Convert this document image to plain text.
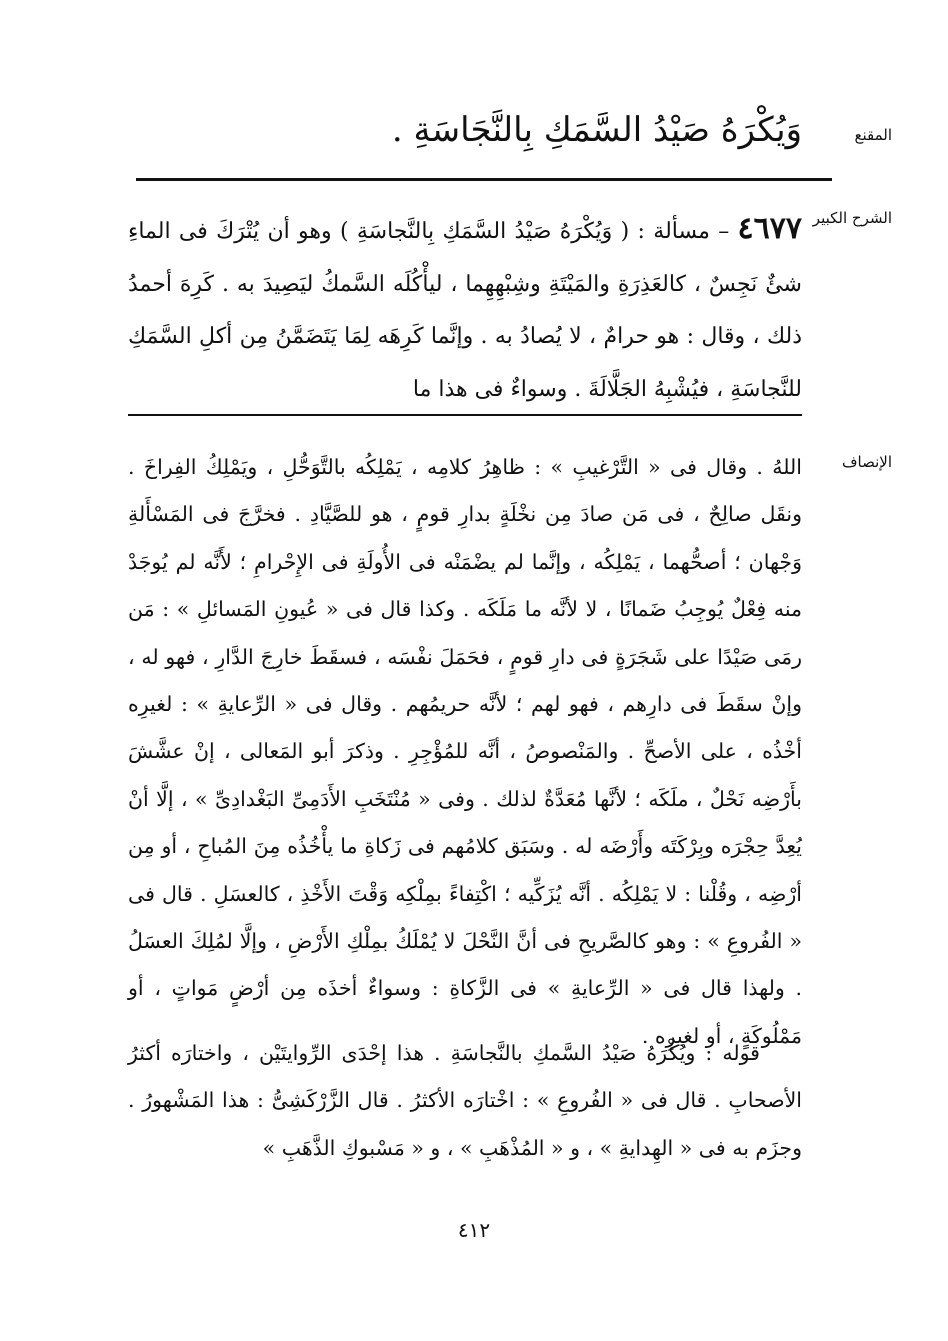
المقنع
وَيُكْرَهُ صَيْدُ السَّمَكِ بِالنَّجَاسَةِ .
الشرح الكبير
٤٦٧٧ – مسألة : ( وَيُكْرَهُ صَيْدُ السَّمَكِ بِالنَّجاسَةِ ) وهو أن يُتْرَكَ فى الماءِ شئٌ نَجِسٌ ، كالعَذِرَةِ والمَيْتَةِ وشِبْهِهِما ، ليأْكُلَه السَّمكُ ليَصِيدَ به . كَرِهَ أحمدُ ذلك ، وقال : هو حرامٌ ، لا يُصادُ به . وإنَّما كَرِهَه لِمَا يَتَضَمَّنُ مِن أكلِ السَّمَكِ للنَّجاسَةِ ، فيُشْبِهُ الجَلَّالَةَ . وسواءٌ فى هذا ما
الإنصاف
اللهُ . وقال فى « التَّرْغيبِ » : ظاهِرُ كلامِه ، يَمْلِكُه بالتَّوَحُّلِ ، ويَمْلِكُ الفِراخَ . ونقَل صالِحٌ ، فى مَن صادَ مِن نخْلَةٍ بدارِ قومٍ ، هو للصَّيَّادِ . فخرَّجَ فى المَسْأَلةِ وَجْهان ؛ أصحُّهما ، يَمْلِكُه ، وإنَّما لم يضْمَنْه فى الأُولَةِ فى الإِحْرامِ ؛ لأَنَّه لم يُوجَدْ منه فِعْلٌ يُوجِبُ ضَمانًا ، لا لأنَّه ما مَلَكَه . وكذا قال فى « عُيونِ المَسائلِ » : مَن رمَى صَيْدًا على شَجَرَةٍ فى دارِ قومٍ ، فحَمَلَ نفْسَه ، فسقَطَ خارِجَ الدَّارِ ، فهو له ، وإنْ سقَطَ فى دارِهم ، فهو لهم ؛ لأنَّه حريمُهم . وقال فى « الرِّعايةِ » : لغيرِه أخْذُه ، على الأصحِّ . والمَنْصوصُ ، أنَّه للمُؤْجِرِ . وذكرَ أبو المَعالى ، إنْ عشَّشَ بأَرْضِه نَحْلٌ ، ملَكَه ؛ لأنَّها مُعَدَّةٌ لذلك . وفى « مُنْتَخَبِ الأَدَمِىِّ البَغْدادِىِّ » ، إلَّا أنْ يُعِدَّ حِجْرَه وبِرْكَتَه وأَرْضَه له . وسَبَق كلامُهم فى زَكاةِ ما يأْخُذُه مِنَ المُباحِ ، أو مِن أرْضِه ، وقُلْنا : لا يَمْلِكُه . أنَّه يُزَكِّيه ؛ اكْتِفاءً بمِلْكِه وَقْتَ الأَخْذِ ، كالعسَلِ . قال فى « الفُروعِ » : وهو كالصَّريحِ فى أنَّ النَّحْلَ لا يُمْلَكُ بمِلْكِ الأَرْضِ ، وإلَّا لمُلِكَ العسَلُ . ولهذا قال فى « الرِّعايةِ » فى الزَّكاةِ : وسواءٌ أخذَه مِن أرْضٍ مَواتٍ ، أو مَمْلُوكَةٍ ، أو لغيرِه .
قوله : ويُكْرَهُ صَيْدُ السَّمكِ بالنَّجاسَةِ . هذا إحْدَى الرِّوايتَيْن ، واختارَه أكثرُ الأصحابِ . قال فى « الفُروعِ » : اخْتارَه الأكثرُ . قال الزَّرْكَشِىُّ : هذا المَشْهورُ . وجزَم به فى « الهِدايةِ » ، و « المُذْهَبِ » ، و « مَسْبوكِ الذَّهَبِ »
٤١٢
